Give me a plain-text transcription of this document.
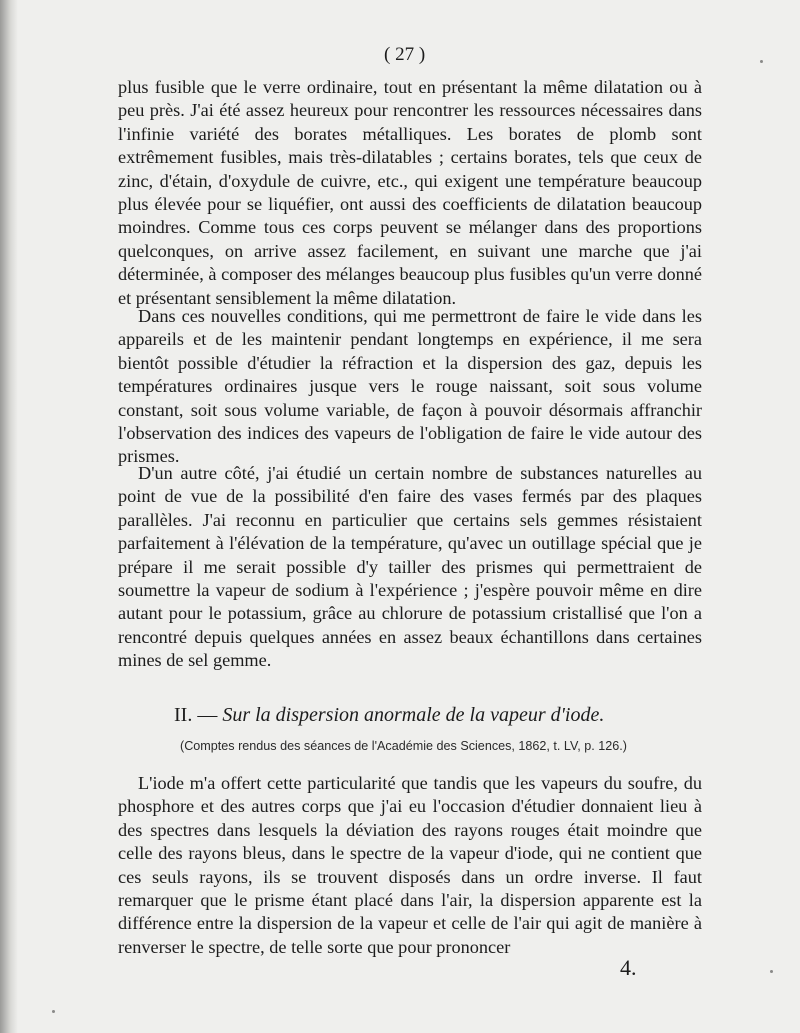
( 27 )
plus fusible que le verre ordinaire, tout en présentant la même dilatation ou à peu près. J'ai été assez heureux pour rencontrer les ressources nécessaires dans l'infinie variété des borates métalliques. Les borates de plomb sont extrêmement fusibles, mais très-dilatables ; certains borates, tels que ceux de zinc, d'étain, d'oxydule de cuivre, etc., qui exigent une température beaucoup plus élevée pour se liquéfier, ont aussi des coefficients de dilatation beaucoup moindres. Comme tous ces corps peuvent se mélanger dans des proportions quelconques, on arrive assez facilement, en suivant une marche que j'ai déterminée, à composer des mélanges beaucoup plus fusibles qu'un verre donné et présentant sensiblement la même dilatation.
Dans ces nouvelles conditions, qui me permettront de faire le vide dans les appareils et de les maintenir pendant longtemps en expérience, il me sera bientôt possible d'étudier la réfraction et la dispersion des gaz, depuis les températures ordinaires jusque vers le rouge naissant, soit sous volume constant, soit sous volume variable, de façon à pouvoir désormais affranchir l'observation des indices des vapeurs de l'obligation de faire le vide autour des prismes.
D'un autre côté, j'ai étudié un certain nombre de substances naturelles au point de vue de la possibilité d'en faire des vases fermés par des plaques parallèles. J'ai reconnu en particulier que certains sels gemmes résistaient parfaitement à l'élévation de la température, qu'avec un outillage spécial que je prépare il me serait possible d'y tailler des prismes qui permettraient de soumettre la vapeur de sodium à l'expérience ; j'espère pouvoir même en dire autant pour le potassium, grâce au chlorure de potassium cristallisé que l'on a rencontré depuis quelques années en assez beaux échantillons dans certaines mines de sel gemme.
II. — Sur la dispersion anormale de la vapeur d'iode.
(Comptes rendus des séances de l'Académie des Sciences, 1862, t. LV, p. 126.)
L'iode m'a offert cette particularité que tandis que les vapeurs du soufre, du phosphore et des autres corps que j'ai eu l'occasion d'étudier donnaient lieu à des spectres dans lesquels la déviation des rayons rouges était moindre que celle des rayons bleus, dans le spectre de la vapeur d'iode, qui ne contient que ces seuls rayons, ils se trouvent disposés dans un ordre inverse. Il faut remarquer que le prisme étant placé dans l'air, la dispersion apparente est la différence entre la dispersion de la vapeur et celle de l'air qui agit de manière à renverser le spectre, de telle sorte que pour prononcer
4.
